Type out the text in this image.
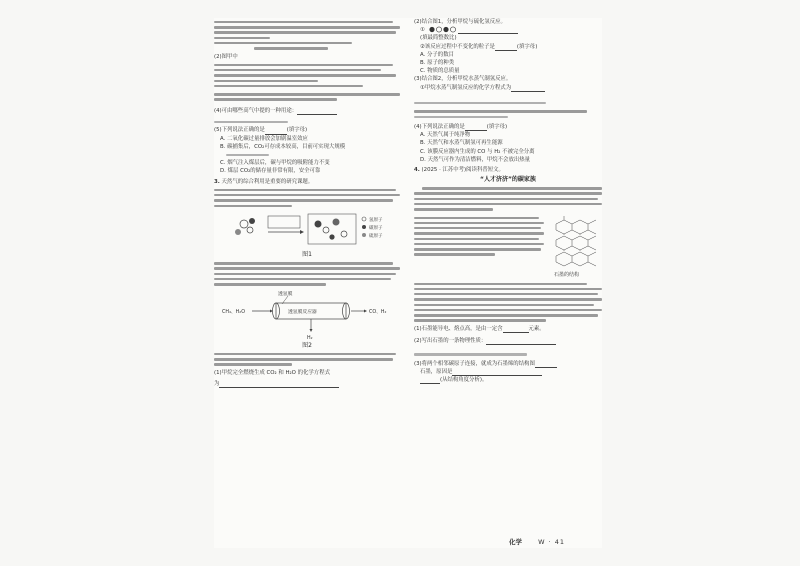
(2)图甲中
(4)可由哪些高气中提的一种用途：
(5)下列说法正确的是	(填字母)
A. 二氧化碳过量排放会加剧温室效应
B. 碳捕集后，CO₂可存成本较高，目前可实现大规模
C. 烟气注入煤层后，碳与甲烷的吸附能力不变
D. 煤层 CO₂的储存量非常有限，安全可靠
3. 天然气的综合利用是重要的研究课题。
氢原子
碳原子
硫原子
图1
透氢膜
透氢膜反应器
CH₄、H₂O	CO、H₂
H₂
图2
(1)甲烷完全燃烧生成 CO₂ 和 H₂O 的化学方程式
为
(2)结合图1，分析甲烷与硫化氢反应。
①
(填最简整数比)
②该反应过程中不变化的粒子是	(填字母)
A. 分子的数目
B. 原子的种类
C. 物质的总质量
(3)结合图2，分析甲烷水蒸气制氢反应。
①甲烷水蒸气制氢反应的化学方程式为
(4)下列说法正确的是	(填字母)
A. 天然气属于纯净物
B. 天然气和水蒸气制氢可再生能源
C. 该膜反应器内生成的 CO 与 H₂ 不被完全分离
D. 天然气可作为清洁燃料，甲烷不会放出热量
4. (2025 · 江苏中考)阅读科普短文。
“人才济济”的碳家族
石墨的结构
(1)石墨能导电、熔点高，是由一定含	元素。
(2)写出石墨的一条物理性质：
(3)将两个相邻碳原子连接，就成为石墨烯的结构图
石墨，原因是
(从结构角度分析)。
化学 W · 41
